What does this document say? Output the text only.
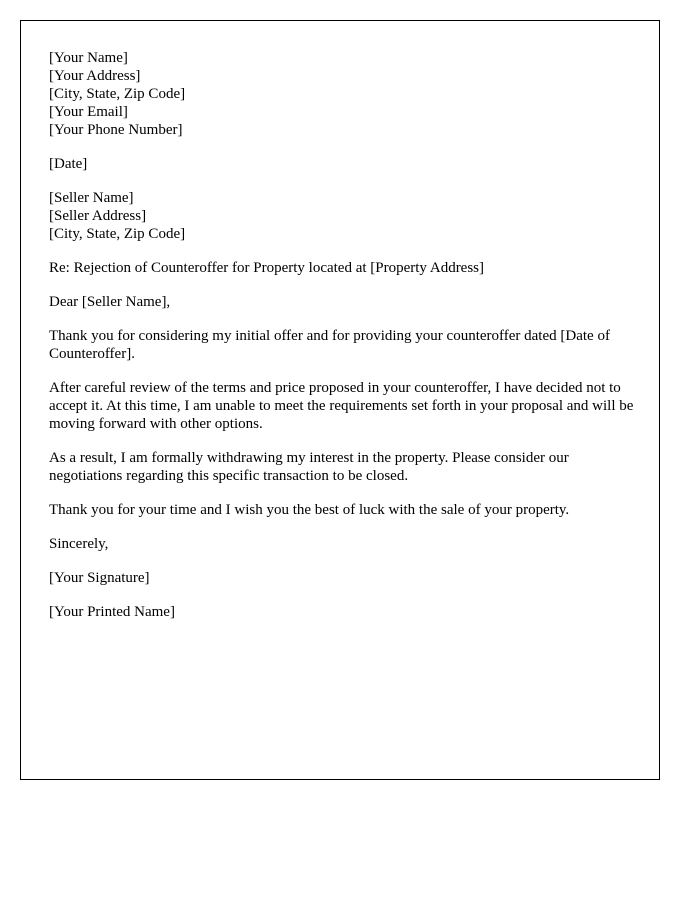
[Your Name]
[Your Address]
[City, State, Zip Code]
[Your Email]
[Your Phone Number]
[Date]
[Seller Name]
[Seller Address]
[City, State, Zip Code]

Re: Rejection of Counteroffer for Property located at [Property Address]

Dear [Seller Name],

Thank you for considering my initial offer and for providing your counteroffer dated [Date of Counteroffer].

After careful review of the terms and price proposed in your counteroffer, I have decided not to accept it. At this time, I am unable to meet the requirements set forth in your proposal and will be moving forward with other options.

As a result, I am formally withdrawing my interest in the property. Please consider our negotiations regarding this specific transaction to be closed.

Thank you for your time and I wish you the best of luck with the sale of your property.

Sincerely,

[Your Signature]

[Your Printed Name]
